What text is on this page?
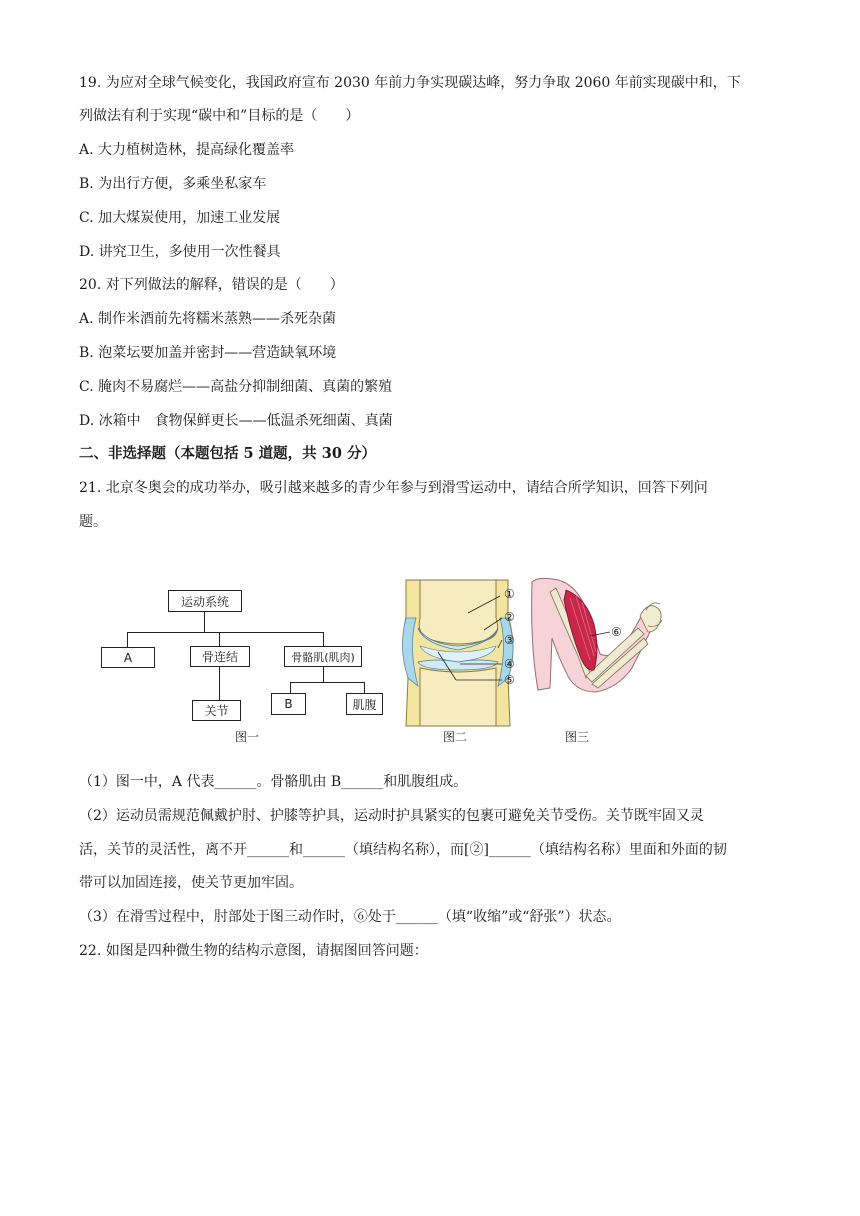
19. 为应对全球气候变化，我国政府宣布 2030 年前力争实现碳达峰，努力争取 2060 年前实现碳中和，下
列做法有利于实现“碳中和”目标的是（　　）
A. 大力植树造林，提高绿化覆盖率
B. 为出行方便，多乘坐私家车
C. 加大煤炭使用，加速工业发展
D. 讲究卫生，多使用一次性餐具
20. 对下列做法的解释，错误的是（　　）
A. 制作米酒前先将糯米蒸熟——杀死杂菌
B. 泡菜坛要加盖并密封——营造缺氧环境
C. 腌肉不易腐烂——高盐分抑制细菌、真菌的繁殖
D. 冰箱中　食物保鲜更长——低温杀死细菌、真菌
二、非选择题（本题包括 5 道题，共 30 分）
21. 北京冬奥会的成功举办，吸引越来越多的青少年参与到滑雪运动中，请结合所学知识，回答下列问
题。
运动系统
A	骨连结	骨骼肌(肌肉)
关节	B	肌腹
图一
①
②
③
④
⑤
图二
⑥
图三
（1）图一中，A 代表______。骨骼肌由 B______和肌腹组成。
（2）运动员需规范佩戴护肘、护膝等护具，运动时护具紧实的包裹可避免关节受伤。关节既牢固又灵
活，关节的灵活性，离不开______和______（填结构名称），而[②]______（填结构名称）里面和外面的韧
带可以加固连接，使关节更加牢固。
（3）在滑雪过程中，肘部处于图三动作时，⑥处于______（填“收缩”或“舒张”）状态。
22. 如图是四种微生物的结构示意图，请据图回答问题：
